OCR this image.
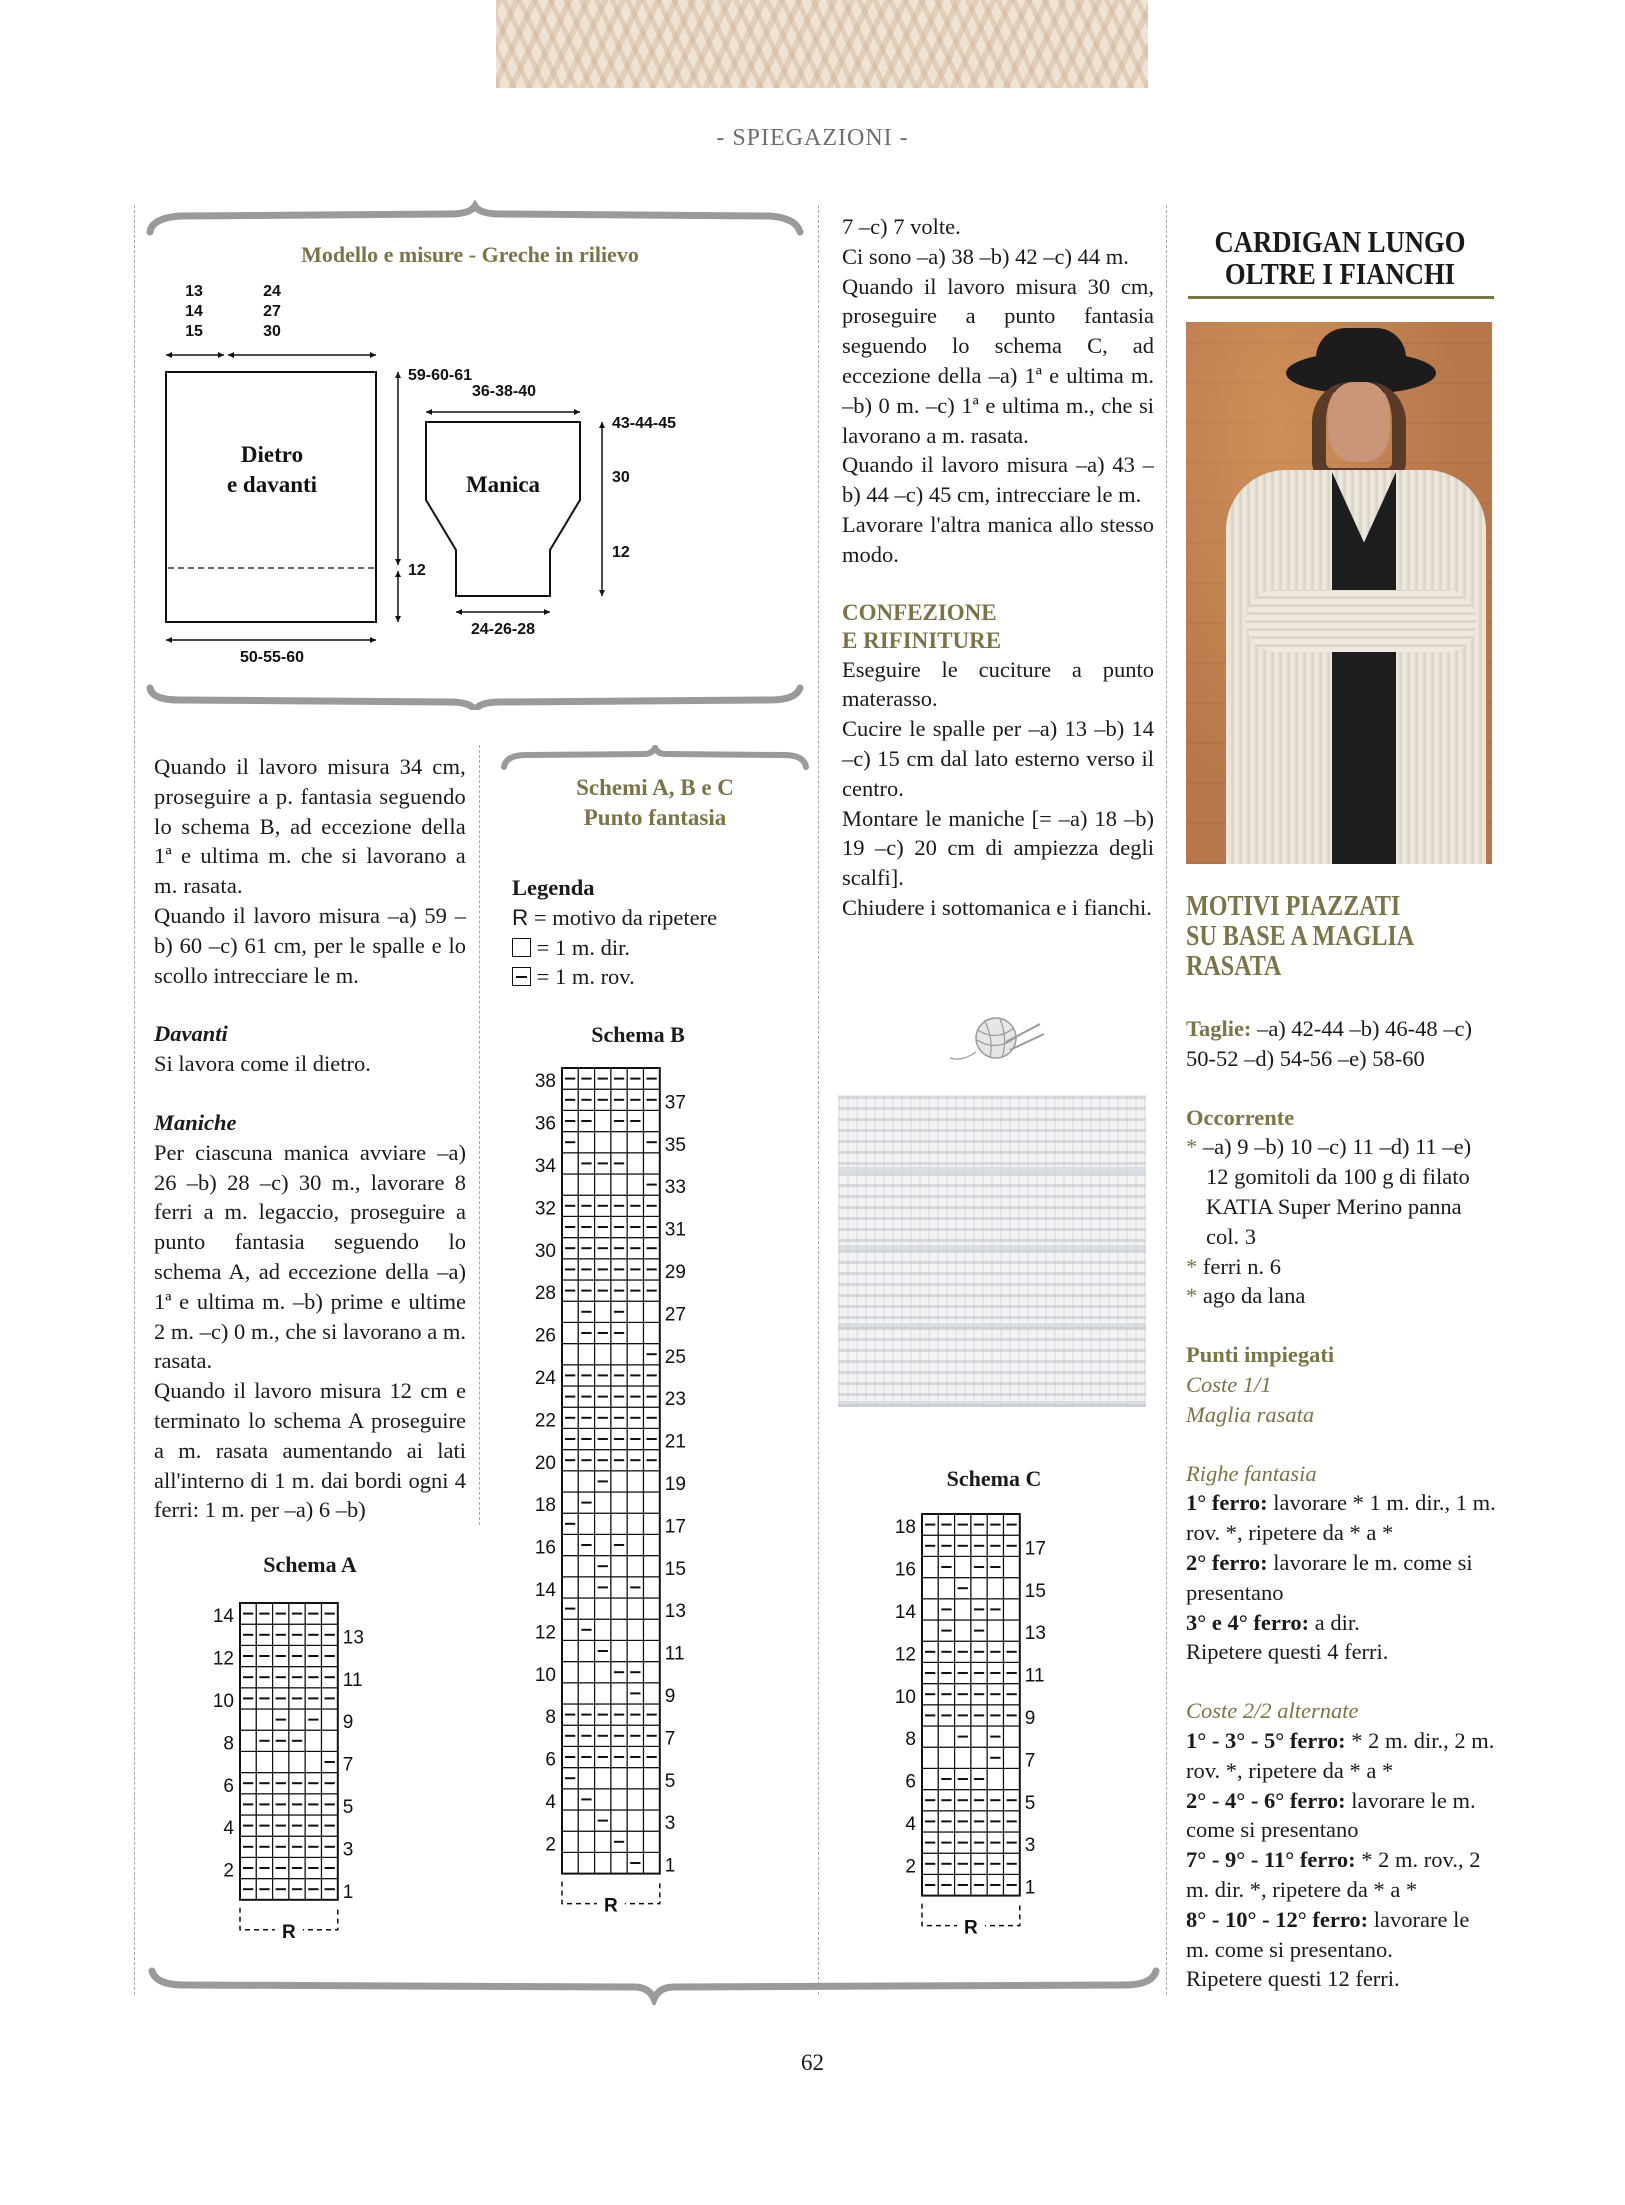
- SPIEGAZIONI -
Modello e misure - Greche in rilievo
13
14
15
24
27
30
Dietro
e davanti
59-60-61
12
50-55-60
36-38-40
Manica
43-44-45
30
12
24-26-28

Quando il lavoro misura 34 cm, proseguire a p. fantasia seguendo lo schema B, ad eccezione della 1ª e ultima m. che si lavorano a m. rasata.

Quando il lavoro misura –a) 59 –b) 60 –c) 61 cm, per le spalle e lo scollo intrecciare le m.

Davanti

Si lavora come il dietro.

Maniche

Per ciascuna manica avviare –a) 26 –b) 28 –c) 30 m., lavorare 8 ferri a m. legaccio, proseguire a punto fantasia seguendo lo schema A, ad eccezione della –a) 1ª e ultima m. –b) prime e ultime 2 m. –c) 0 m., che si lavorano a m. rasata.

Quando il lavoro misura 12 cm e terminato lo schema A proseguire a m. rasata aumentando ai lati all'interno di 1 m. dai bordi ogni 4 ferri: 1 m. per –a) 6 –b)

Schemi A, B e C
Punto fantasia

Legenda

R = motivo da ripetere

= 1 m. dir.

= 1 m. rov.

Schema A
1
2
3
4
5
6
7
8
9
10
11
12
13
14
R
Schema B
1
2
3
4
5
6
7
8
9
10
11
12
13
14
15
16
17
18
19
20
21
22
23
24
25
26
27
28
29
30
31
32
33
34
35
36
37
38
R
Schema C
1
2
3
4
5
6
7
8
9
10
11
12
13
14
15
16
17
18
R

7 –c) 7 volte.

Ci sono –a) 38 –b) 42 –c) 44 m.

Quando il lavoro misura 30 cm, proseguire a punto fantasia seguendo lo schema C, ad eccezione della –a) 1ª e ultima m. –b) 0 m. –c) 1ª e ultima m., che si lavorano a m. rasata.

Quando il lavoro misura –a) 43 –b) 44 –c) 45 cm, intrecciare le m.

Lavorare l'altra manica allo stesso modo.

CONFEZIONE

E RIFINITURE

Eseguire le cuciture a punto materasso.

Cucire le spalle per –a) 13 –b) 14 –c) 15 cm dal lato esterno verso il centro.

Montare le maniche [= –a) 18 –b) 19 –c) 20 cm di ampiezza degli scalfi].

Chiudere i sottomanica e i fianchi.

CARDIGAN LUNGO
OLTRE I FIANCHI
MOTIVI PIAZZATI
SU BASE A MAGLIA
RASATA

Taglie: –a) 42-44 –b) 46-48 –c) 50-52 –d) 54-56 –e) 58-60

Occorrente

* –a) 9 –b) 10 –c) 11 –d) 11 –e) 12 gomitoli da 100 g di filato KATIA Super Merino panna col. 3

* ferri n. 6

* ago da lana

Punti impiegati

Coste 1/1

Maglia rasata

Righe fantasia

1° ferro: lavorare * 1 m. dir., 1 m. rov. *, ripetere da * a *

2° ferro: lavorare le m. come si presentano

3° e 4° ferro: a dir.

Ripetere questi 4 ferri.

Coste 2/2 alternate

1° - 3° - 5° ferro: * 2 m. dir., 2 m. rov. *, ripetere da * a *

2° - 4° - 6° ferro: lavorare le m. come si presentano

7° - 9° - 11° ferro: * 2 m. rov., 2 m. dir. *, ripetere da * a *

8° - 10° - 12° ferro: lavorare le m. come si presentano.

Ripetere questi 12 ferri.

62
